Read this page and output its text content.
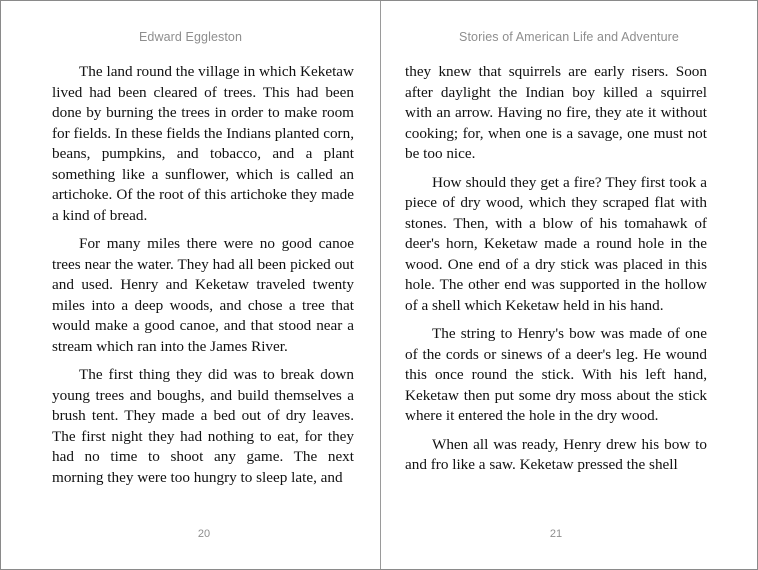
Edward Eggleston

The land round the village in which Keketaw lived had been cleared of trees. This had been done by burning the trees in order to make room for fields. In these fields the Indians planted corn, beans, pumpkins, and tobacco, and a plant something like a sunflower, which is called an artichoke. Of the root of this artichoke they made a kind of bread.

For many miles there were no good canoe trees near the water. They had all been picked out and used. Henry and Keketaw traveled twenty miles into a deep woods, and chose a tree that would make a good canoe, and that stood near a stream which ran into the James River.

The first thing they did was to break down young trees and boughs, and build themselves a brush tent. They made a bed out of dry leaves. The first night they had nothing to eat, for they had no time to shoot any game. The next morning they were too hungry to sleep late, and

20
Stories of American Life and Adventure

they knew that squirrels are early risers. Soon after daylight the Indian boy killed a squirrel with an arrow. Having no fire, they ate it without cooking; for, when one is a savage, one must not be too nice.

How should they get a fire? They first took a piece of dry wood, which they scraped flat with stones. Then, with a blow of his tomahawk of deer's horn, Keketaw made a round hole in the wood. One end of a dry stick was placed in this hole. The other end was supported in the hollow of a shell which Keketaw held in his hand.

The string to Henry's bow was made of one of the cords or sinews of a deer's leg. He wound this once round the stick. With his left hand, Keketaw then put some dry moss about the stick where it entered the hole in the dry wood.

When all was ready, Henry drew his bow to and fro like a saw. Keketaw pressed the shell

21
